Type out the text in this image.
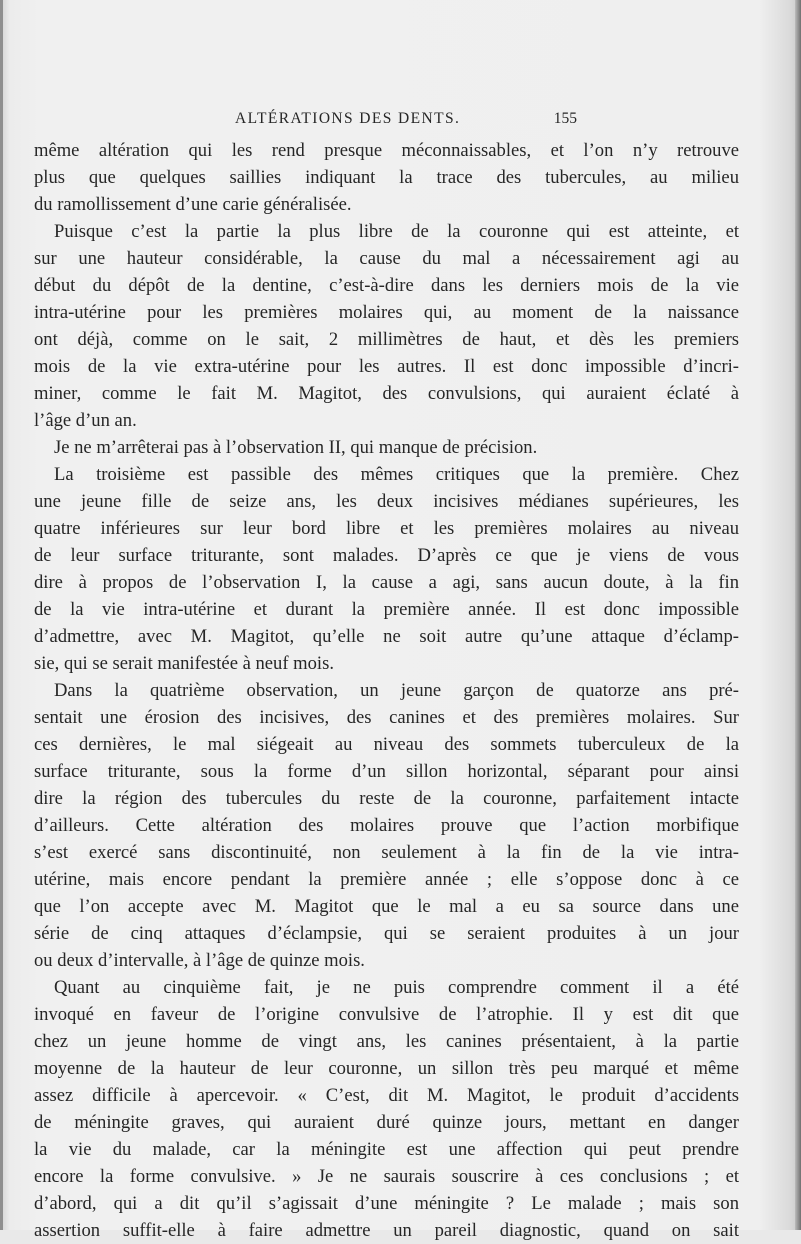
ALTÉRATIONS DES DENTS.	155
même altération qui les rend presque méconnaissables, et l’on n’y retrouve
plus que quelques saillies indiquant la trace des tubercules, au milieu
du ramollissement d’une carie généralisée.
Puisque c’est la partie la plus libre de la couronne qui est atteinte, et
sur une hauteur considérable, la cause du mal a nécessairement agi au
début du dépôt de la dentine, c’est-à-dire dans les derniers mois de la vie
intra-utérine pour les premières molaires qui, au moment de la naissance
ont déjà, comme on le sait, 2 millimètres de haut, et dès les premiers
mois de la vie extra-utérine pour les autres. Il est donc impossible d’incri-
miner, comme le fait M. Magitot, des convulsions, qui auraient éclaté à
l’âge d’un an.
Je ne m’arrêterai pas à l’observation II, qui manque de précision.
La troisième est passible des mêmes critiques que la première. Chez
une jeune fille de seize ans, les deux incisives médianes supérieures, les
quatre inférieures sur leur bord libre et les premières molaires au niveau
de leur surface triturante, sont malades. D’après ce que je viens de vous
dire à propos de l’observation I, la cause a agi, sans aucun doute, à la fin
de la vie intra-utérine et durant la première année. Il est donc impossible
d’admettre, avec M. Magitot, qu’elle ne soit autre qu’une attaque d’éclamp-
sie, qui se serait manifestée à neuf mois.
Dans la quatrième observation, un jeune garçon de quatorze ans pré-
sentait une érosion des incisives, des canines et des premières molaires. Sur
ces dernières, le mal siégeait au niveau des sommets tuberculeux de la
surface triturante, sous la forme d’un sillon horizontal, séparant pour ainsi
dire la région des tubercules du reste de la couronne, parfaitement intacte
d’ailleurs. Cette altération des molaires prouve que l’action morbifique
s’est exercé sans discontinuité, non seulement à la fin de la vie intra-
utérine, mais encore pendant la première année ; elle s’oppose donc à ce
que l’on accepte avec M. Magitot que le mal a eu sa source dans une
série de cinq attaques d’éclampsie, qui se seraient produites à un jour
ou deux d’intervalle, à l’âge de quinze mois.
Quant au cinquième fait, je ne puis comprendre comment il a été
invoqué en faveur de l’origine convulsive de l’atrophie. Il y est dit que
chez un jeune homme de vingt ans, les canines présentaient, à la partie
moyenne de la hauteur de leur couronne, un sillon très peu marqué et même
assez difficile à apercevoir. « C’est, dit M. Magitot, le produit d’accidents
de méningite graves, qui auraient duré quinze jours, mettant en danger
la vie du malade, car la méningite est une affection qui peut prendre
encore la forme convulsive. » Je ne saurais souscrire à ces conclusions ; et
d’abord, qui a dit qu’il s’agissait d’une méningite ? Le malade ; mais son
assertion suffit-elle à faire admettre un pareil diagnostic, quand on sait
